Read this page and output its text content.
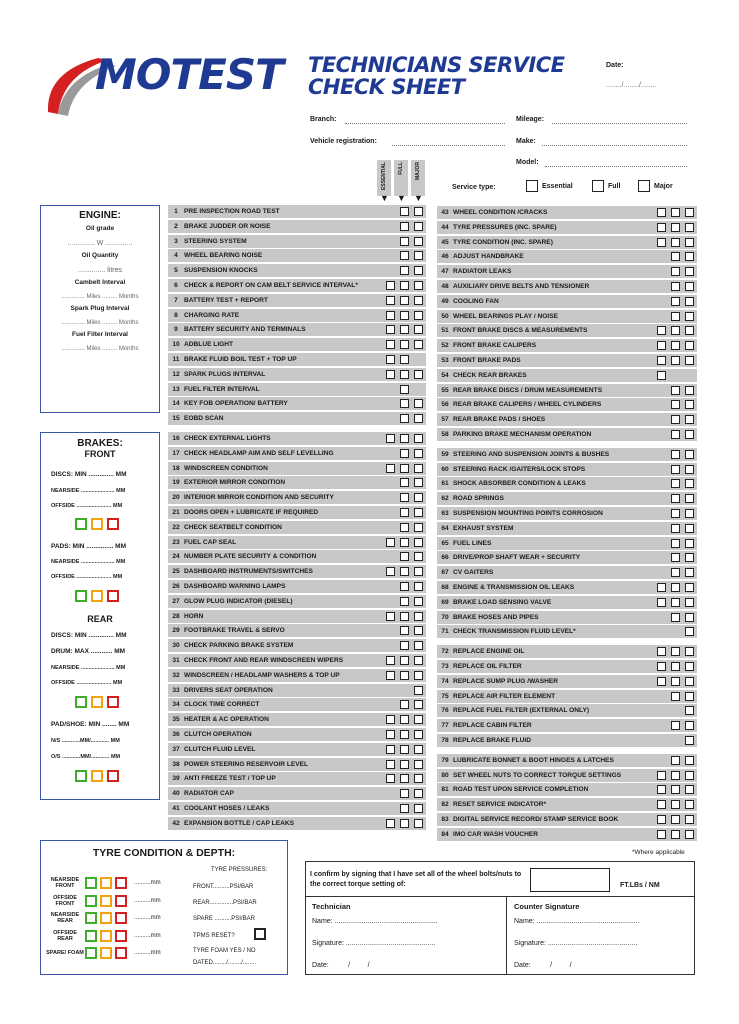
MOTEST TECHNICIANS SERVICE
CHECK SHEET
Date:
......../......../........
Branch:
Vehicle registration:
Mileage:
Make:
Model:
ESSENTIAL FULL MAJOR
▼ ▼ ▼
Service type:	Essential	Full	Major
1 PRE INSPECTION ROAD TEST
2 BRAKE JUDDER OR NOISE
3 STEERING SYSTEM
4 WHEEL BEARING NOISE
5 SUSPENSION KNOCKS
6 CHECK & REPORT ON CAM BELT SERVICE INTERVAL*
7 BATTERY TEST + REPORT
8 CHARGING RATE
9 BATTERY SECURITY AND TERMINALS
10 ADBLUE LIGHT
11 BRAKE FLUID BOIL TEST + TOP UP
12 SPARK PLUGS INTERVAL
13 FUEL FILTER INTERVAL
14 KEY FOB OPERATION/ BATTERY
15 EOBD SCAN
16 CHECK EXTERNAL LIGHTS
17 CHECK HEADLAMP AIM AND SELF LEVELLING
18 WINDSCREEN CONDITION
19 EXTERIOR MIRROR CONDITION
20 INTERIOR MIRROR CONDITION AND SECURITY
21 DOORS OPEN + LUBRICATE IF REQUIRED
22 CHECK SEATBELT CONDITION
23 FUEL CAP SEAL
24 NUMBER PLATE SECURITY & CONDITION
25 DASHBOARD INSTRUMENTS/SWITCHES
26 DASHBOARD WARNING LAMPS
27 GLOW PLUG INDICATOR (DIESEL)
28 HORN
29 FOOTBRAKE TRAVEL & SERVO
30 CHECK PARKING BRAKE SYSTEM
31 CHECK FRONT AND REAR WINDSCREEN WIPERS
32 WINDSCREEN / HEADLAMP WASHERS & TOP UP
33 DRIVERS SEAT OPERATION
34 CLOCK TIME CORRECT
35 HEATER & AC OPERATION
36 CLUTCH OPERATION
37 CLUTCH FLUID LEVEL
38 POWER STEERING RESERVOIR LEVEL
39 ANTI FREEZE TEST / TOP UP
40 RADIATOR CAP
41 COOLANT HOSES / LEAKS
42 EXPANSION BOTTLE / CAP LEAKS
43 WHEEL CONDITION /CRACKS
44 TYRE PRESSURES (INC. SPARE)
45 TYRE CONDITION (INC. SPARE)
46 ADJUST HANDBRAKE
47 RADIATOR LEAKS
48 AUXILIARY DRIVE BELTS AND TENSIONER
49 COOLING FAN
50 WHEEL BEARINGS PLAY / NOISE
51 FRONT BRAKE DISCS & MEASUREMENTS
52 FRONT BRAKE CALIPERS
53 FRONT BRAKE PADS
54 CHECK REAR BRAKES
55 REAR BRAKE DISCS / DRUM MEASUREMENTS
56 REAR BRAKE CALIPERS / WHEEL CYLINDERS
57 REAR BRAKE PADS / SHOES
58 PARKING BRAKE MECHANISM OPERATION
59 STEERING AND SUSPENSION JOINTS & BUSHES
60 STEERING RACK /GAITERS/LOCK STOPS
61 SHOCK ABSORBER CONDITION & LEAKS
62 ROAD SPRINGS
63 SUSPENSION MOUNTING POINTS CORROSION
64 EXHAUST SYSTEM
65 FUEL LINES
66 DRIVE/PROP SHAFT WEAR + SECURITY
67 CV GAITERS
68 ENGINE & TRANSMISSION OIL LEAKS
69 BRAKE LOAD SENSING VALVE
70 BRAKE HOSES AND PIPES
71 CHECK TRANSMISSION FLUID LEVEL*
72 REPLACE ENGINE OIL
73 REPLACE OIL FILTER
74 REPLACE SUMP PLUG /WASHER
75 REPLACE AIR FILTER ELEMENT
76 REPLACE FUEL FILTER (EXTERNAL ONLY)
77 REPLACE CABIN FILTER
78 REPLACE BRAKE FLUID
79 LUBRICATE BONNET & BOOT HINGES & LATCHES
80 SET WHEEL NUTS TO CORRECT TORQUE SETTINGS
81 ROAD TEST UPON SERVICE COMPLETION
82 RESET SERVICE INDICATOR*
83 DIGITAL SERVICE RECORD/ STAMP SERVICE BOOK
84 IMO CAR WASH VOUCHER
ENGINE:
Oil grade
.............. W ..............
Oil Quantity
.............. litres
Cambelt Interval
.............. Miles ......... Months
Spark Plug Interval
.............. Miles ......... Months
Fuel Filter Interval
.............. Miles ......... Months
BRAKES:
FRONT
DISCS: MIN .............. MM
NEARSIDE ...................... MM
OFFSIDE ....................... MM
PADS: MIN ............... MM
NEARSIDE ...................... MM
OFFSIDE ....................... MM
REAR
DISCS: MIN .............. MM
DRUM: MAX ............ MM
NEARSIDE ...................... MM
OFFSIDE ....................... MM
PAD/SHOE: MIN ........ MM
N/S ............MM/............ MM
O/S ............MM/............ MM
*Where applicable
TYRE CONDITION & DEPTH:
NEARSIDE FRONT	..........mm
OFFSIDE FRONT	..........mm
NEARSIDE REAR	..........mm
OFFSIDE REAR	..........mm
SPARE/ FOAM	..........mm
TYRE PRESSURES:
FRONT..........PSI/BAR
REAR..............PSI/BAR
SPARE ..........PSI/BAR
TPMS RESET?
TYRE FOAM YES / NO
DATED......../......../........
I confirm by signing that I have set all of the wheel bolts/nuts to the correct torque setting of:	FT.LBs / NM
Technician
Name: .....................................................
Signature: ..............................................
Date:          /         /
Counter Signature
Name: .....................................................
Signature: ..............................................
Date:          /         /
